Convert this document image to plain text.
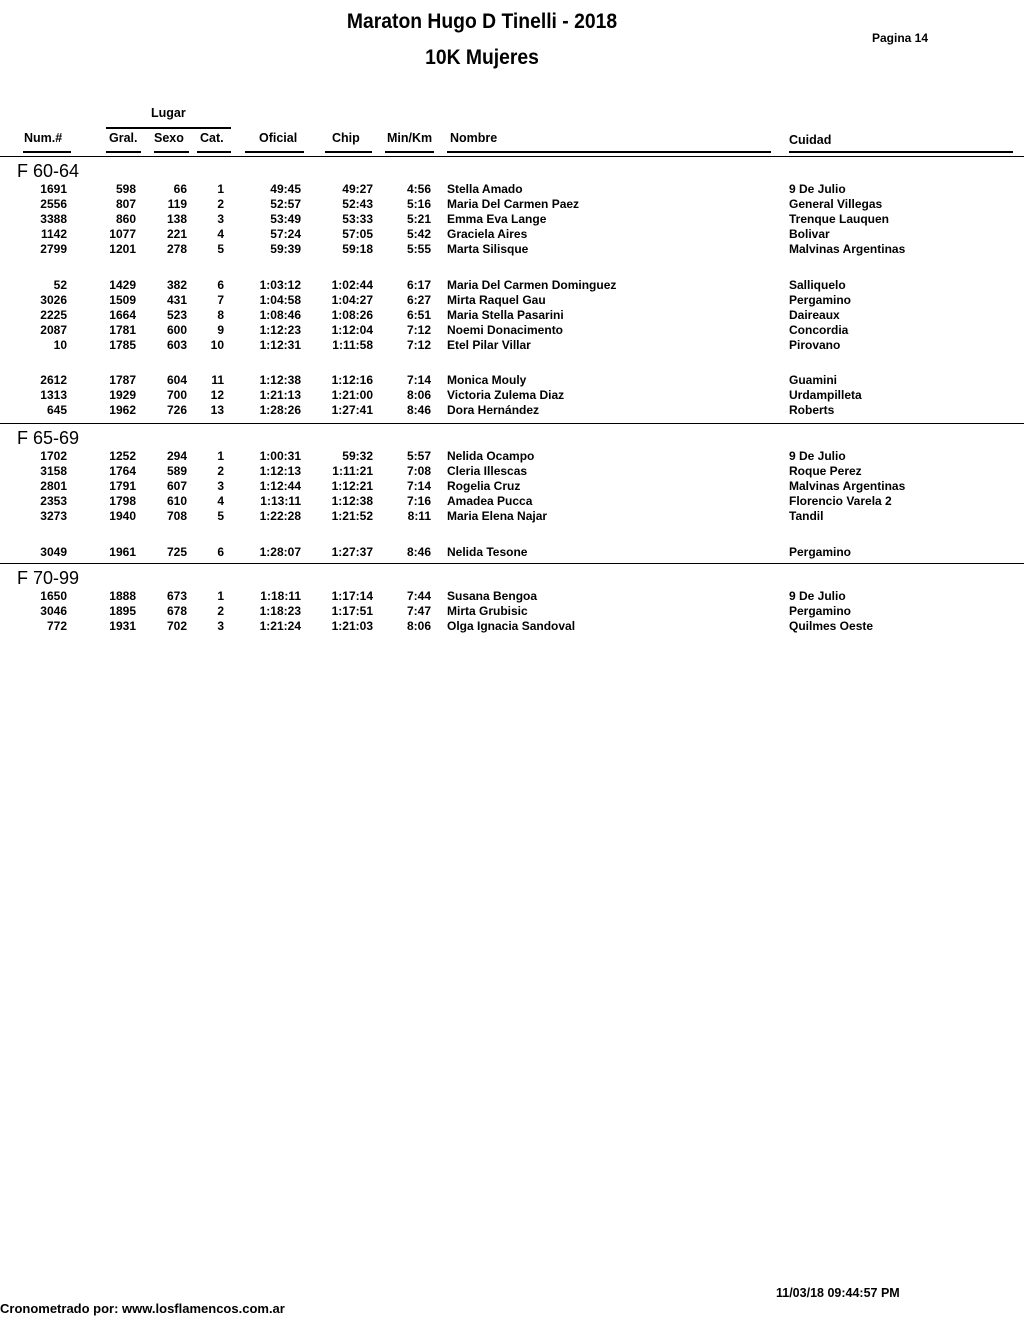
Maraton Hugo D Tinelli - 2018
10K Mujeres
Pagina 14
Lugar
Num.#	Gral. Sexo Cat.	Oficial	Chip Min/Km Nombre	Cuidad
F 60-64
1691	598	66	1	49:45	49:27	4:56 Stella Amado	9 De Julio
2556	807	119	2	52:57	52:43	5:16 Maria Del Carmen Paez	General Villegas
3388	860	138	3	53:49	53:33	5:21 Emma Eva Lange	Trenque Lauquen
1142	1077	221	4	57:24	57:05	5:42 Graciela Aires	Bolivar
2799	1201	278	5	59:39	59:18	5:55 Marta Silisque	Malvinas Argentinas
52	1429	382	6	1:03:12	1:02:44	6:17 Maria Del Carmen Dominguez	Salliquelo
3026	1509	431	7	1:04:58	1:04:27	6:27 Mirta Raquel Gau	Pergamino
2225	1664	523	8	1:08:46	1:08:26	6:51 Maria Stella Pasarini	Daireaux
2087	1781	600	9	1:12:23	1:12:04	7:12 Noemi Donacimento	Concordia
10	1785	603 10	1:12:31	1:11:58	7:12 Etel Pilar Villar	Pirovano
2612	1787	604 11	1:12:38	1:12:16	7:14 Monica Mouly	Guamini
1313	1929	700 12	1:21:13	1:21:00	8:06 Victoria Zulema Diaz	Urdampilleta
645	1962	726 13	1:28:26	1:27:41	8:46 Dora Hernández	Roberts
F 65-69
1702	1252	294	1	1:00:31	59:32	5:57 Nelida Ocampo	9 De Julio
3158	1764	589	2	1:12:13	1:11:21	7:08 Cleria Illescas	Roque Perez
2801	1791	607	3	1:12:44	1:12:21	7:14 Rogelia Cruz	Malvinas Argentinas
2353	1798	610	4	1:13:11	1:12:38	7:16 Amadea Pucca	Florencio Varela 2
3273	1940	708	5	1:22:28	1:21:52	8:11 Maria Elena Najar	Tandil
3049	1961	725	6	1:28:07	1:27:37	8:46 Nelida Tesone	Pergamino
F 70-99
1650	1888	673	1	1:18:11	1:17:14	7:44 Susana Bengoa	9 De Julio
3046	1895	678	2	1:18:23	1:17:51	7:47 Mirta Grubisic	Pergamino
772	1931	702	3	1:21:24	1:21:03	8:06 Olga Ignacia Sandoval	Quilmes Oeste
Cronometrado por: www.losflamencos.com.ar
11/03/18 09:44:57 PM
